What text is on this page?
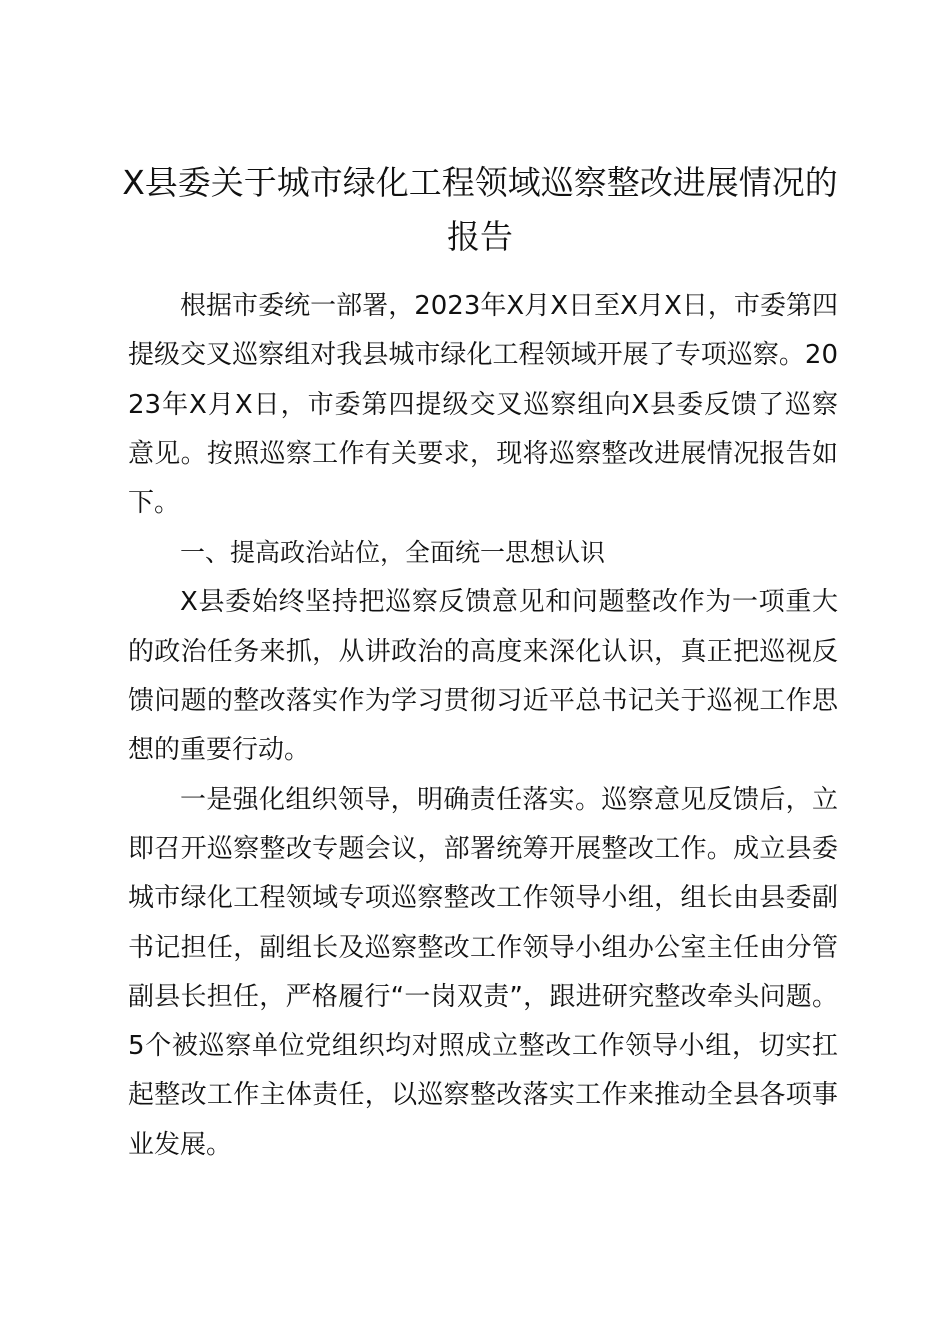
X县委关于城市绿化工程领域巡察整改进展情况的报告

根据市委统一部署，2023年X月X日至X月X日，市委第四提级交叉巡察组对我县城市绿化工程领域开展了专项巡察。2023年X月X日，市委第四提级交叉巡察组向X县委反馈了巡察意见。按照巡察工作有关要求，现将巡察整改进展情况报告如下。

一、提高政治站位，全面统一思想认识

X县委始终坚持把巡察反馈意见和问题整改作为一项重大的政治任务来抓，从讲政治的高度来深化认识，真正把巡视反馈问题的整改落实作为学习贯彻习近平总书记关于巡视工作思想的重要行动。

一是强化组织领导，明确责任落实。巡察意见反馈后，立即召开巡察整改专题会议，部署统筹开展整改工作。成立县委城市绿化工程领域专项巡察整改工作领导小组，组长由县委副书记担任，副组长及巡察整改工作领导小组办公室主任由分管副县长担任，严格履行“一岗双责”，跟进研究整改牵头问题。5个被巡察单位党组织均对照成立整改工作领导小组，切实扛起整改工作主体责任，以巡察整改落实工作来推动全县各项事业发展。
